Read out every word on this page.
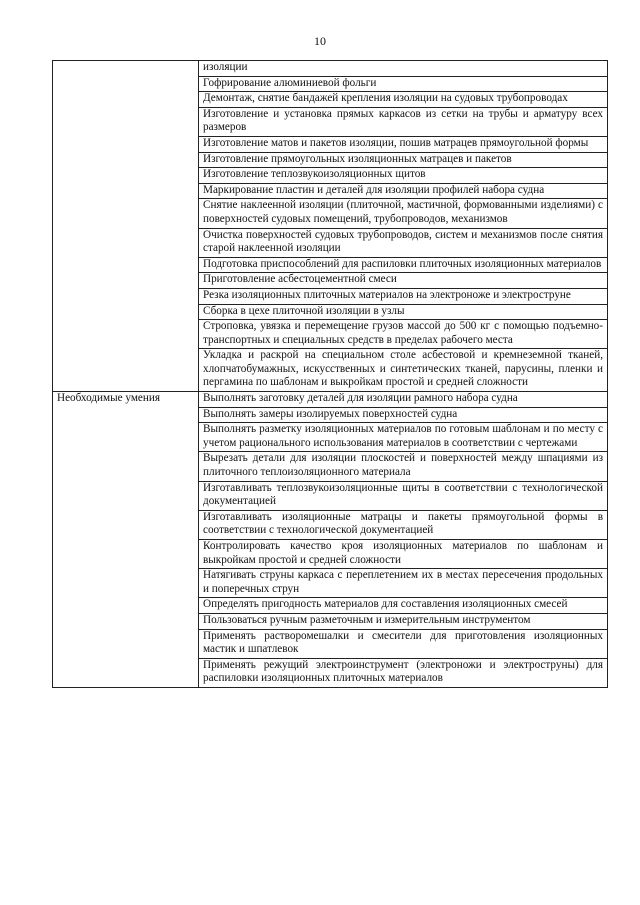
10
	изоляции
	Гофрирование алюминиевой фольги
	Демонтаж, снятие бандажей крепления изоляции на судовых трубопроводах
	Изготовление и установка прямых каркасов из сетки на трубы и арматуру всех размеров
	Изготовление матов и пакетов изоляции, пошив матрацев прямоугольной формы
	Изготовление прямоугольных изоляционных матрацев и пакетов
	Изготовление теплозвукоизоляционных щитов
	Маркирование пластин и деталей для изоляции профилей набора судна
	Снятие наклеенной изоляции (плиточной, мастичной, формованными изделиями) с поверхностей судовых помещений, трубопроводов, механизмов
	Очистка поверхностей судовых трубопроводов, систем и механизмов после снятия старой наклеенной изоляции
	Подготовка приспособлений для распиловки плиточных изоляционных материалов
	Приготовление асбестоцементной смеси
	Резка изоляционных плиточных материалов на электроноже и электроструне
	Сборка в цехе плиточной изоляции в узлы
	Строповка, увязка и перемещение грузов массой до 500 кг с помощью подъемно-транспортных и специальных средств в пределах рабочего места
	Укладка и раскрой на специальном столе асбестовой и кремнеземной тканей, хлопчатобумажных, искусственных и синтетических тканей, парусины, пленки и пергамина по шаблонам и выкройкам простой и средней сложности
Необходимые умения	Выполнять заготовку деталей для изоляции рамного набора судна
	Выполнять замеры изолируемых поверхностей судна
	Выполнять разметку изоляционных материалов по готовым шаблонам и по месту с учетом рационального использования материалов в соответствии с чертежами
	Вырезать детали для изоляции плоскостей и поверхностей между шпациями из плиточного теплоизоляционного материала
	Изготавливать теплозвукоизоляционные щиты в соответствии с технологической документацией
	Изготавливать изоляционные матрацы и пакеты прямоугольной формы в соответствии с технологической документацией
	Контролировать качество кроя изоляционных материалов по шаблонам и выкройкам простой и средней сложности
	Натягивать струны каркаса с переплетением их в местах пересечения продольных и поперечных струн
	Определять пригодность материалов для составления изоляционных смесей
	Пользоваться ручным разметочным и измерительным инструментом
	Применять растворомешалки и смесители для приготовления изоляционных мастик и шпатлевок
	Применять режущий электроинструмент (электроножи и электроструны) для распиловки изоляционных плиточных материалов
